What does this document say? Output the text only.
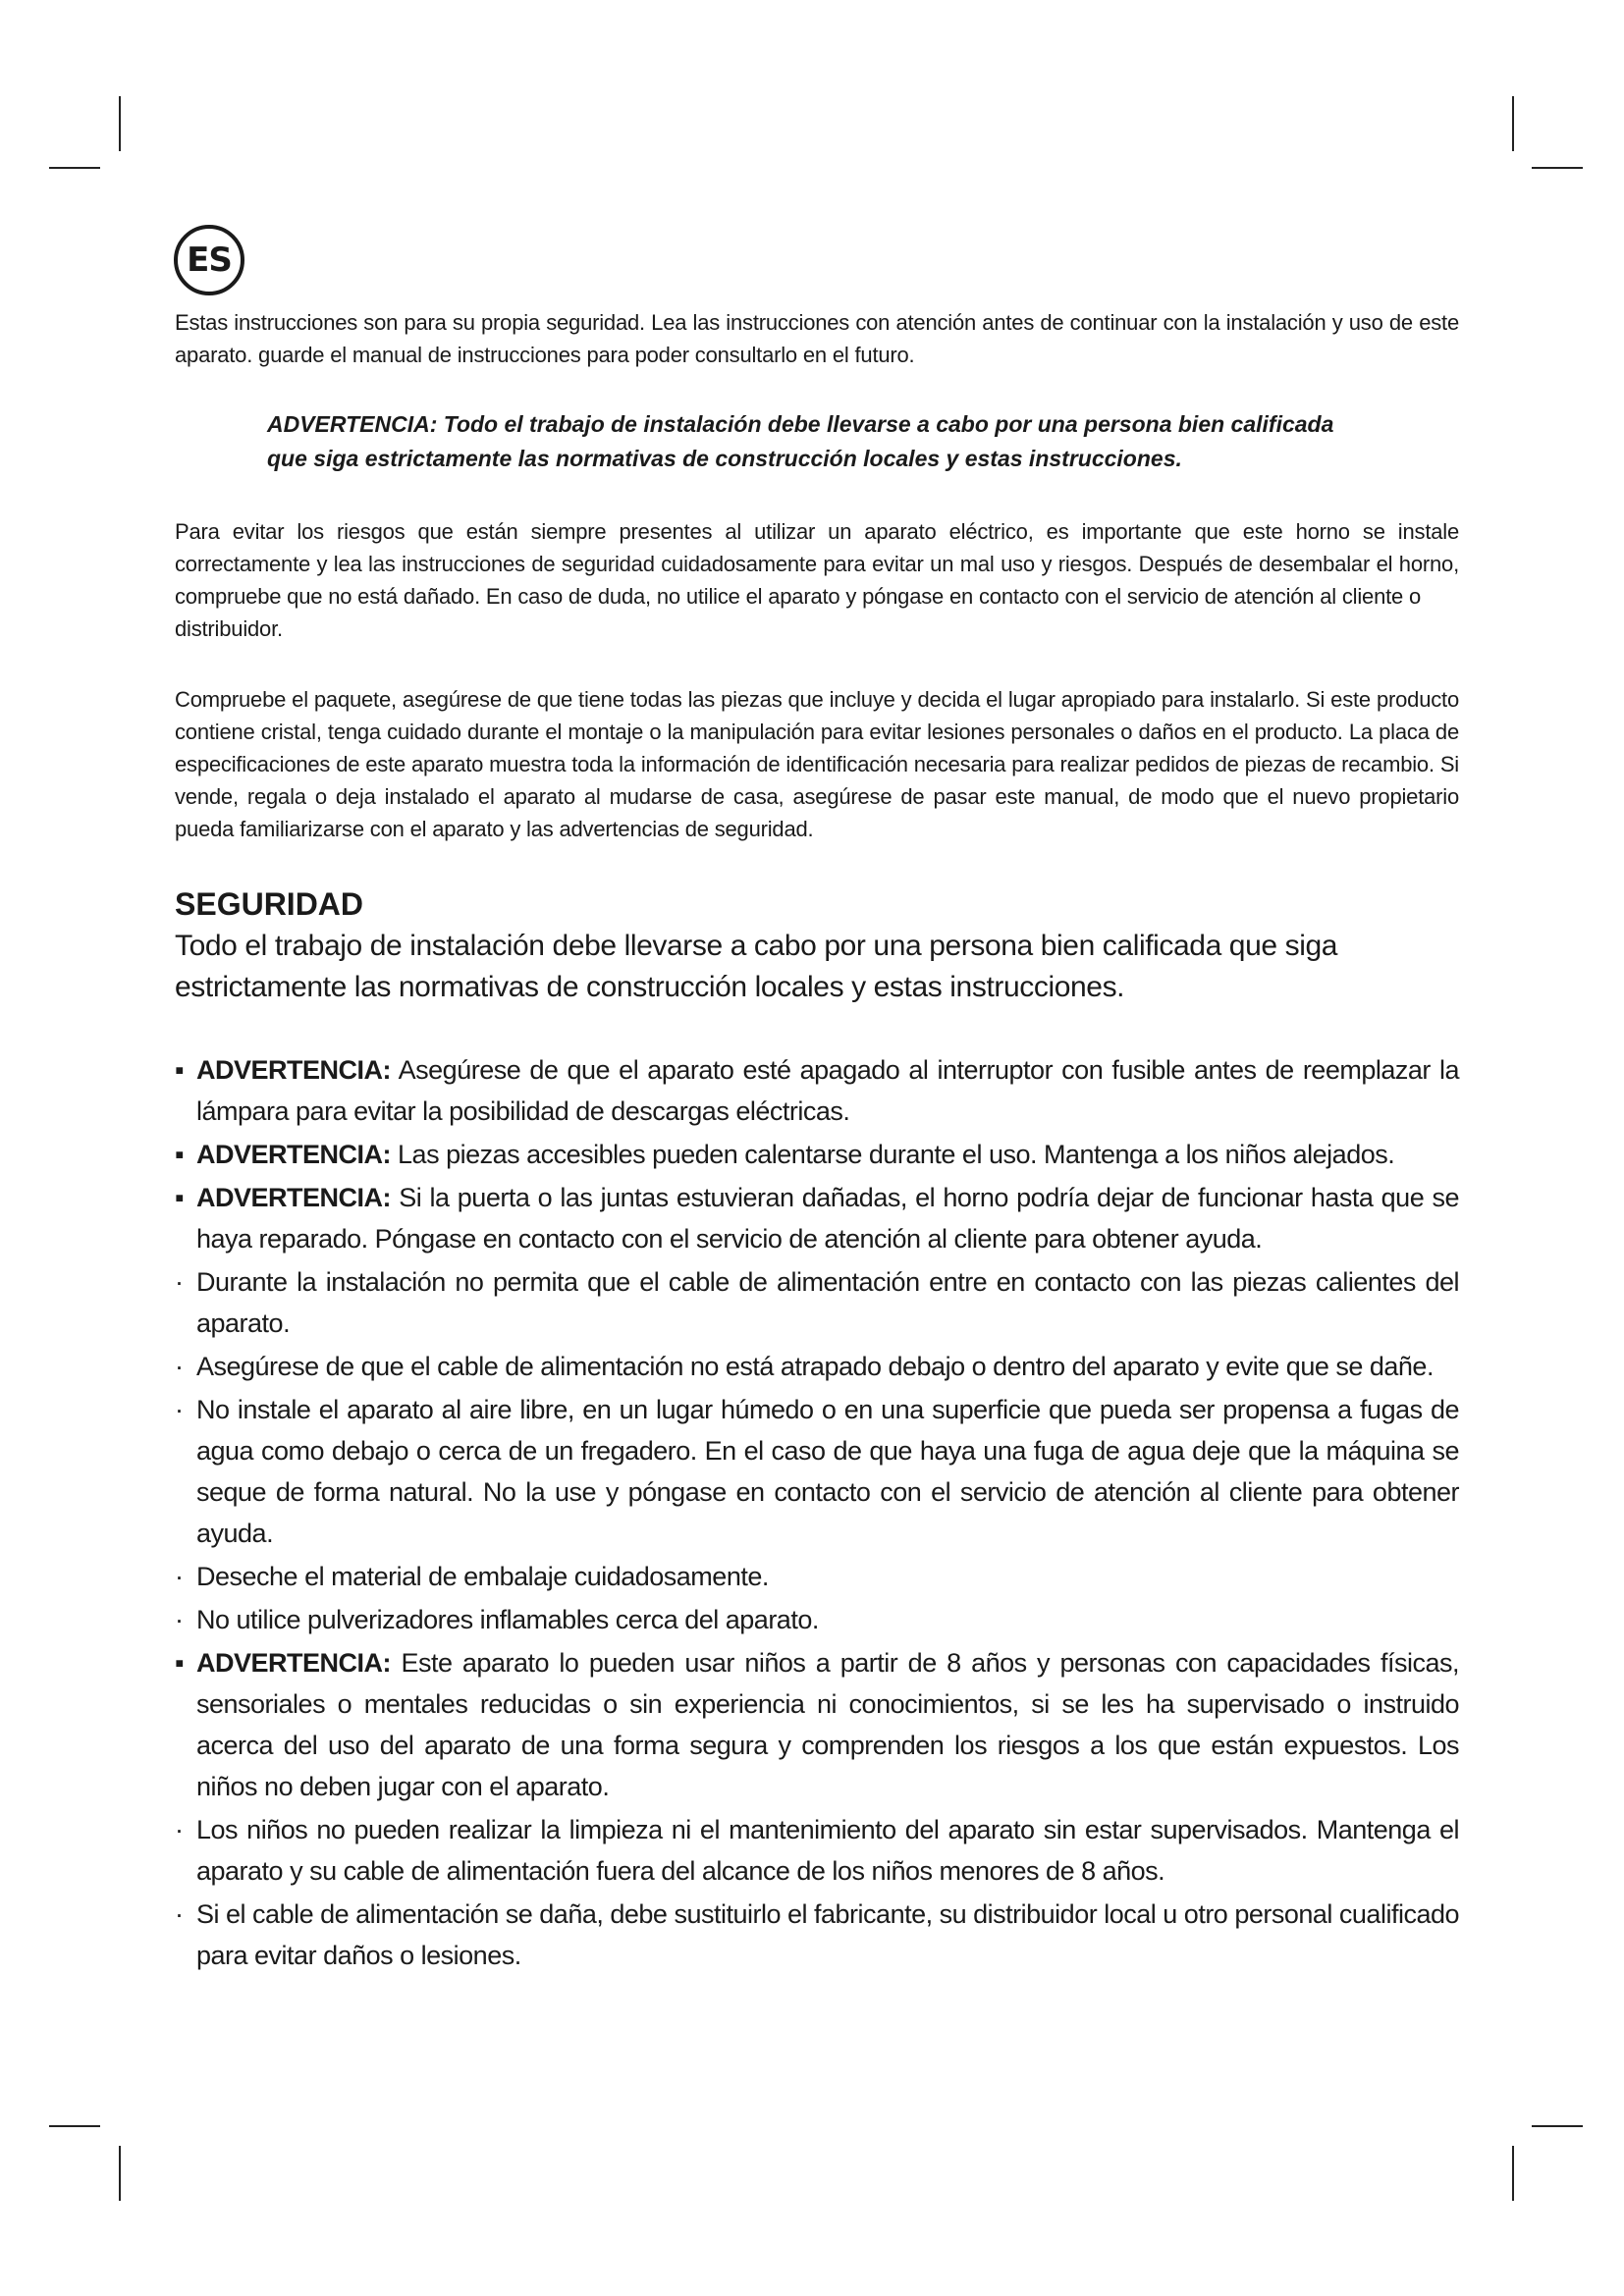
ES

Estas instrucciones son para su propia seguridad. Lea las instrucciones con atención antes de continuar con la instalación y uso de este aparato. guarde el manual de instrucciones para poder consultarlo en el futuro.

ADVERTENCIA: Todo el trabajo de instalación debe llevarse a cabo por una persona bien calificada que siga estrictamente las normativas de construcción locales y estas instrucciones.

Para evitar los riesgos que están siempre presentes al utilizar un aparato eléctrico, es importante que este horno se instale correctamente y lea las instrucciones de seguridad cuidadosamente para evitar un mal uso y riesgos. Después de desembalar el horno, compruebe que no está dañado. En caso de duda, no utilice el aparato y póngase en contacto con el servicio de atención al cliente o
distribuidor.

Compruebe el paquete, asegúrese de que tiene todas las piezas que incluye y decida el lugar apropiado para instalarlo. Si este producto contiene cristal, tenga cuidado durante el montaje o la manipulación para evitar lesiones personales o daños en el producto. La placa de especificaciones de este aparato muestra toda la información de identificación necesaria para realizar pedidos de piezas de recambio. Si vende, regala o deja instalado el aparato al mudarse de casa, asegúrese de pasar este manual, de modo que el nuevo propietario pueda familiarizarse con el aparato y las advertencias de seguridad.

SEGURIDAD

Todo el trabajo de instalación debe llevarse a cabo por una persona bien calificada que siga estrictamente las normativas de construcción locales y estas instrucciones.

▪ ADVERTENCIA: Asegúrese de que el aparato esté apagado al interruptor con fusible antes de reemplazar la lámpara para evitar la posibilidad de descargas eléctricas.
▪ ADVERTENCIA: Las piezas accesibles pueden calentarse durante el uso. Mantenga a los niños alejados.
▪ ADVERTENCIA: Si la puerta o las juntas estuvieran dañadas, el horno podría dejar de funcionar hasta que se haya reparado. Póngase en contacto con el servicio de atención al cliente para obtener ayuda.
· Durante la instalación no permita que el cable de alimentación entre en contacto con las piezas calientes del aparato.
· Asegúrese de que el cable de alimentación no está atrapado debajo o dentro del aparato y evite que se dañe.
· No instale el aparato al aire libre, en un lugar húmedo o en una superficie que pueda ser propensa a fugas de agua como debajo o cerca de un fregadero. En el caso de que haya una fuga de agua deje que la máquina se seque de forma natural. No la use y póngase en contacto con el servicio de atención al cliente para obtener ayuda.
· Deseche el material de embalaje cuidadosamente.
· No utilice pulverizadores inflamables cerca del aparato.
▪ ADVERTENCIA: Este aparato lo pueden usar niños a partir de 8 años y personas con capacidades físicas, sensoriales o mentales reducidas o sin experiencia ni conocimientos, si se les ha supervisado o instruido acerca del uso del aparato de una forma segura y comprenden los riesgos a los que están expuestos. Los niños no deben jugar con el aparato.
· Los niños no pueden realizar la limpieza ni el mantenimiento del aparato sin estar supervisados. Mantenga el aparato y su cable de alimentación fuera del alcance de los niños menores de 8 años.
· Si el cable de alimentación se daña, debe sustituirlo el fabricante, su distribuidor local u otro personal cualificado para evitar daños o lesiones.
